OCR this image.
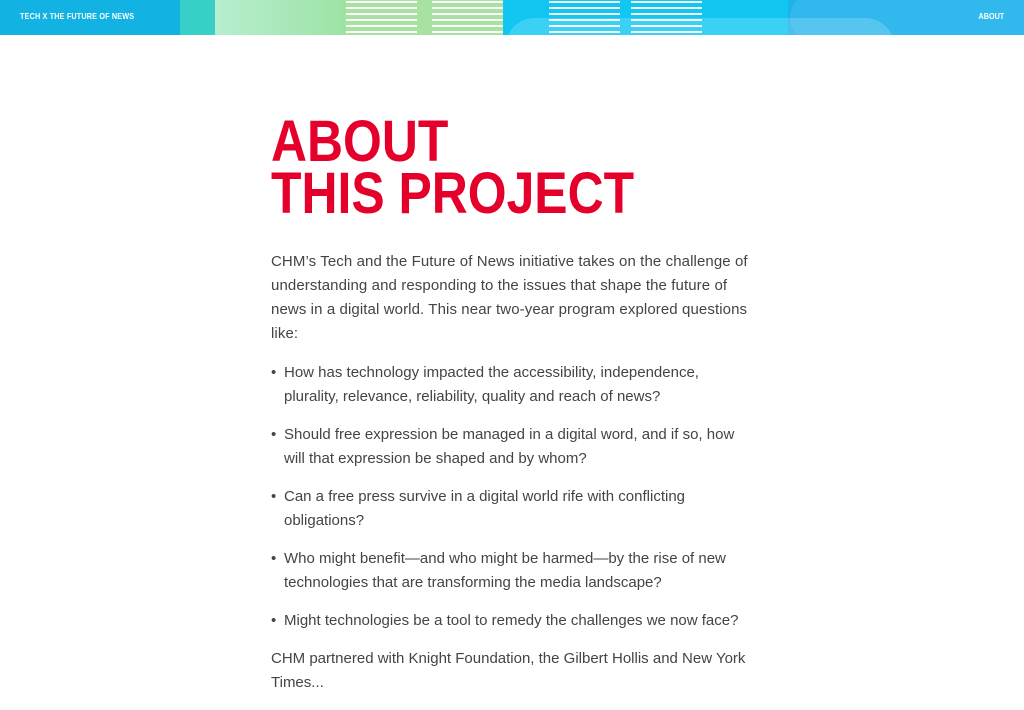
TECH X THE FUTURE OF NEWS	ABOUT
ABOUT
THIS PROJECT

CHM’s Tech and the Future of News initiative takes on the challenge of understanding and responding to the issues that shape the future of news in a digital world. This near two-year program explored questions like:

• How has technology impacted the accessibility, independence, plurality, relevance, reliability, quality and reach of news?
• Should free expression be managed in a digital word, and if so, how will that expression be shaped and by whom?
• Can a free press survive in a digital world rife with conflicting obligations?
• Who might benefit—and who might be harmed—by the rise of new technologies that are transforming the media landscape?
• Might technologies be a tool to remedy the challenges we now face?

CHM partnered with Knight Foundation, the Gilbert Hollis and New York Times...
